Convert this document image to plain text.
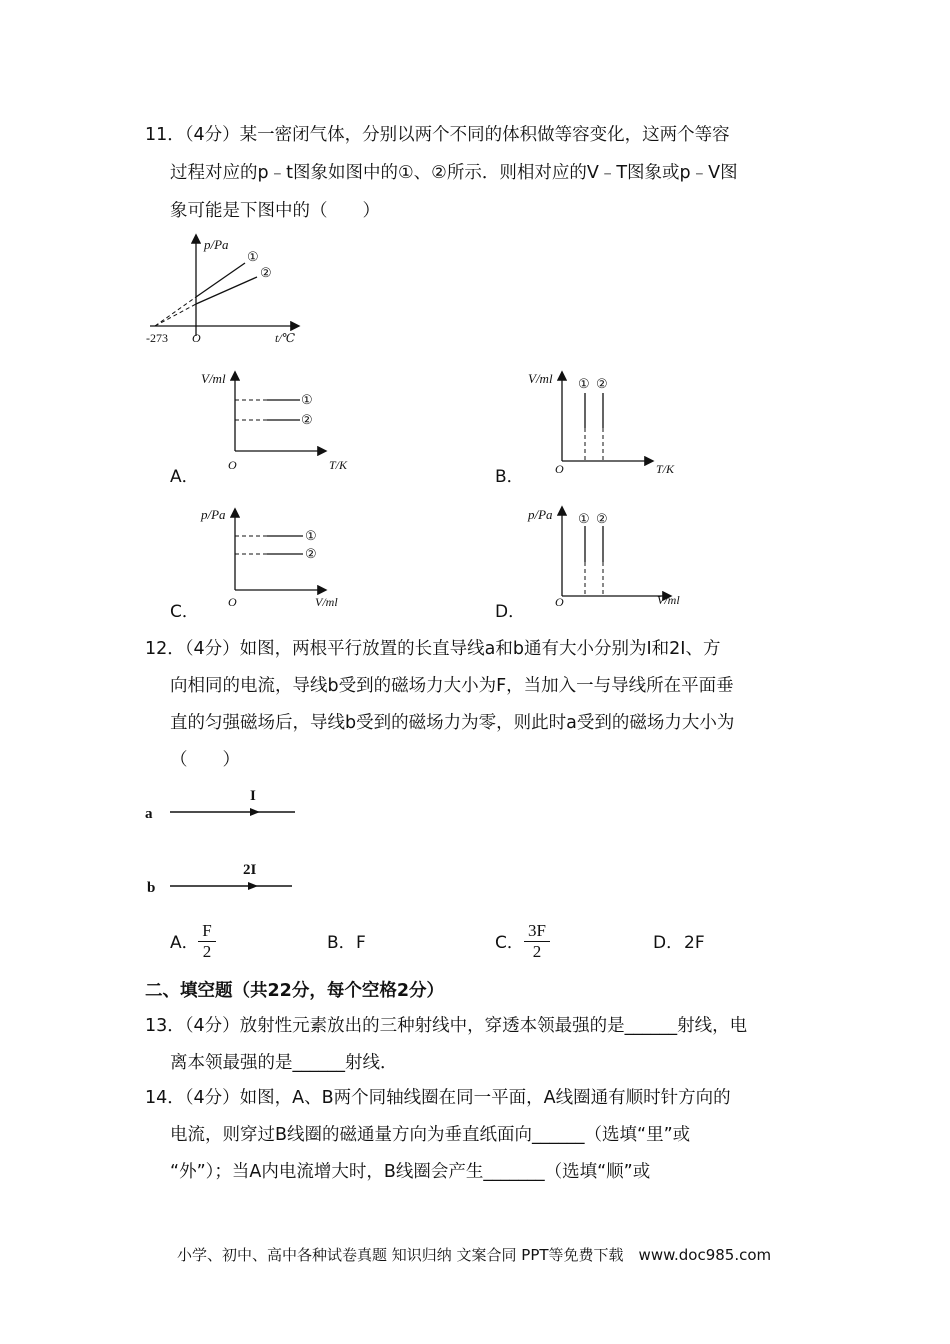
11．（4分）某一密闭气体，分别以两个不同的体积做等容变化，这两个等容
过程对应的p﹣t图象如图中的①、②所示．则相对应的V﹣T图象或p﹣V图
象可能是下图中的（　　）
p/Pa
①
②
-273 O	t/℃
V/ml
①
②
O	T/K
A．
V/ml ① ②
O	T/K
B．
p/Pa
①
②
O	V/ml
C．
p/Pa ① ②
O	V/ml
D．
12．（4分）如图，两根平行放置的长直导线a和b通有大小分别为I和2I、方
向相同的电流，导线b受到的磁场力大小为F，当加入一与导线所在平面垂
直的匀强磁场后，导线b受到的磁场力为零，则此时a受到的磁场力大小为
（　　）
a
I
b
2I
A．
F
2	B． F	C．
3F
2	D． 2F
二、填空题（共22分，每个空格2分）
13．（4分）放射性元素放出的三种射线中，穿透本领最强的是______射线，电
离本领最强的是______射线．
14．（4分）如图，A、B两个同轴线圈在同一平面，A线圈通有顺时针方向的
电流，则穿过B线圈的磁通量方向为垂直纸面向______（选填“里”或
“外”）；当A内电流增大时，B线圈会产生_______（选填“顺”或
小学、初中、高中各种试卷真题 知识归纳 文案合同 PPT等免费下载　www.doc985.com
